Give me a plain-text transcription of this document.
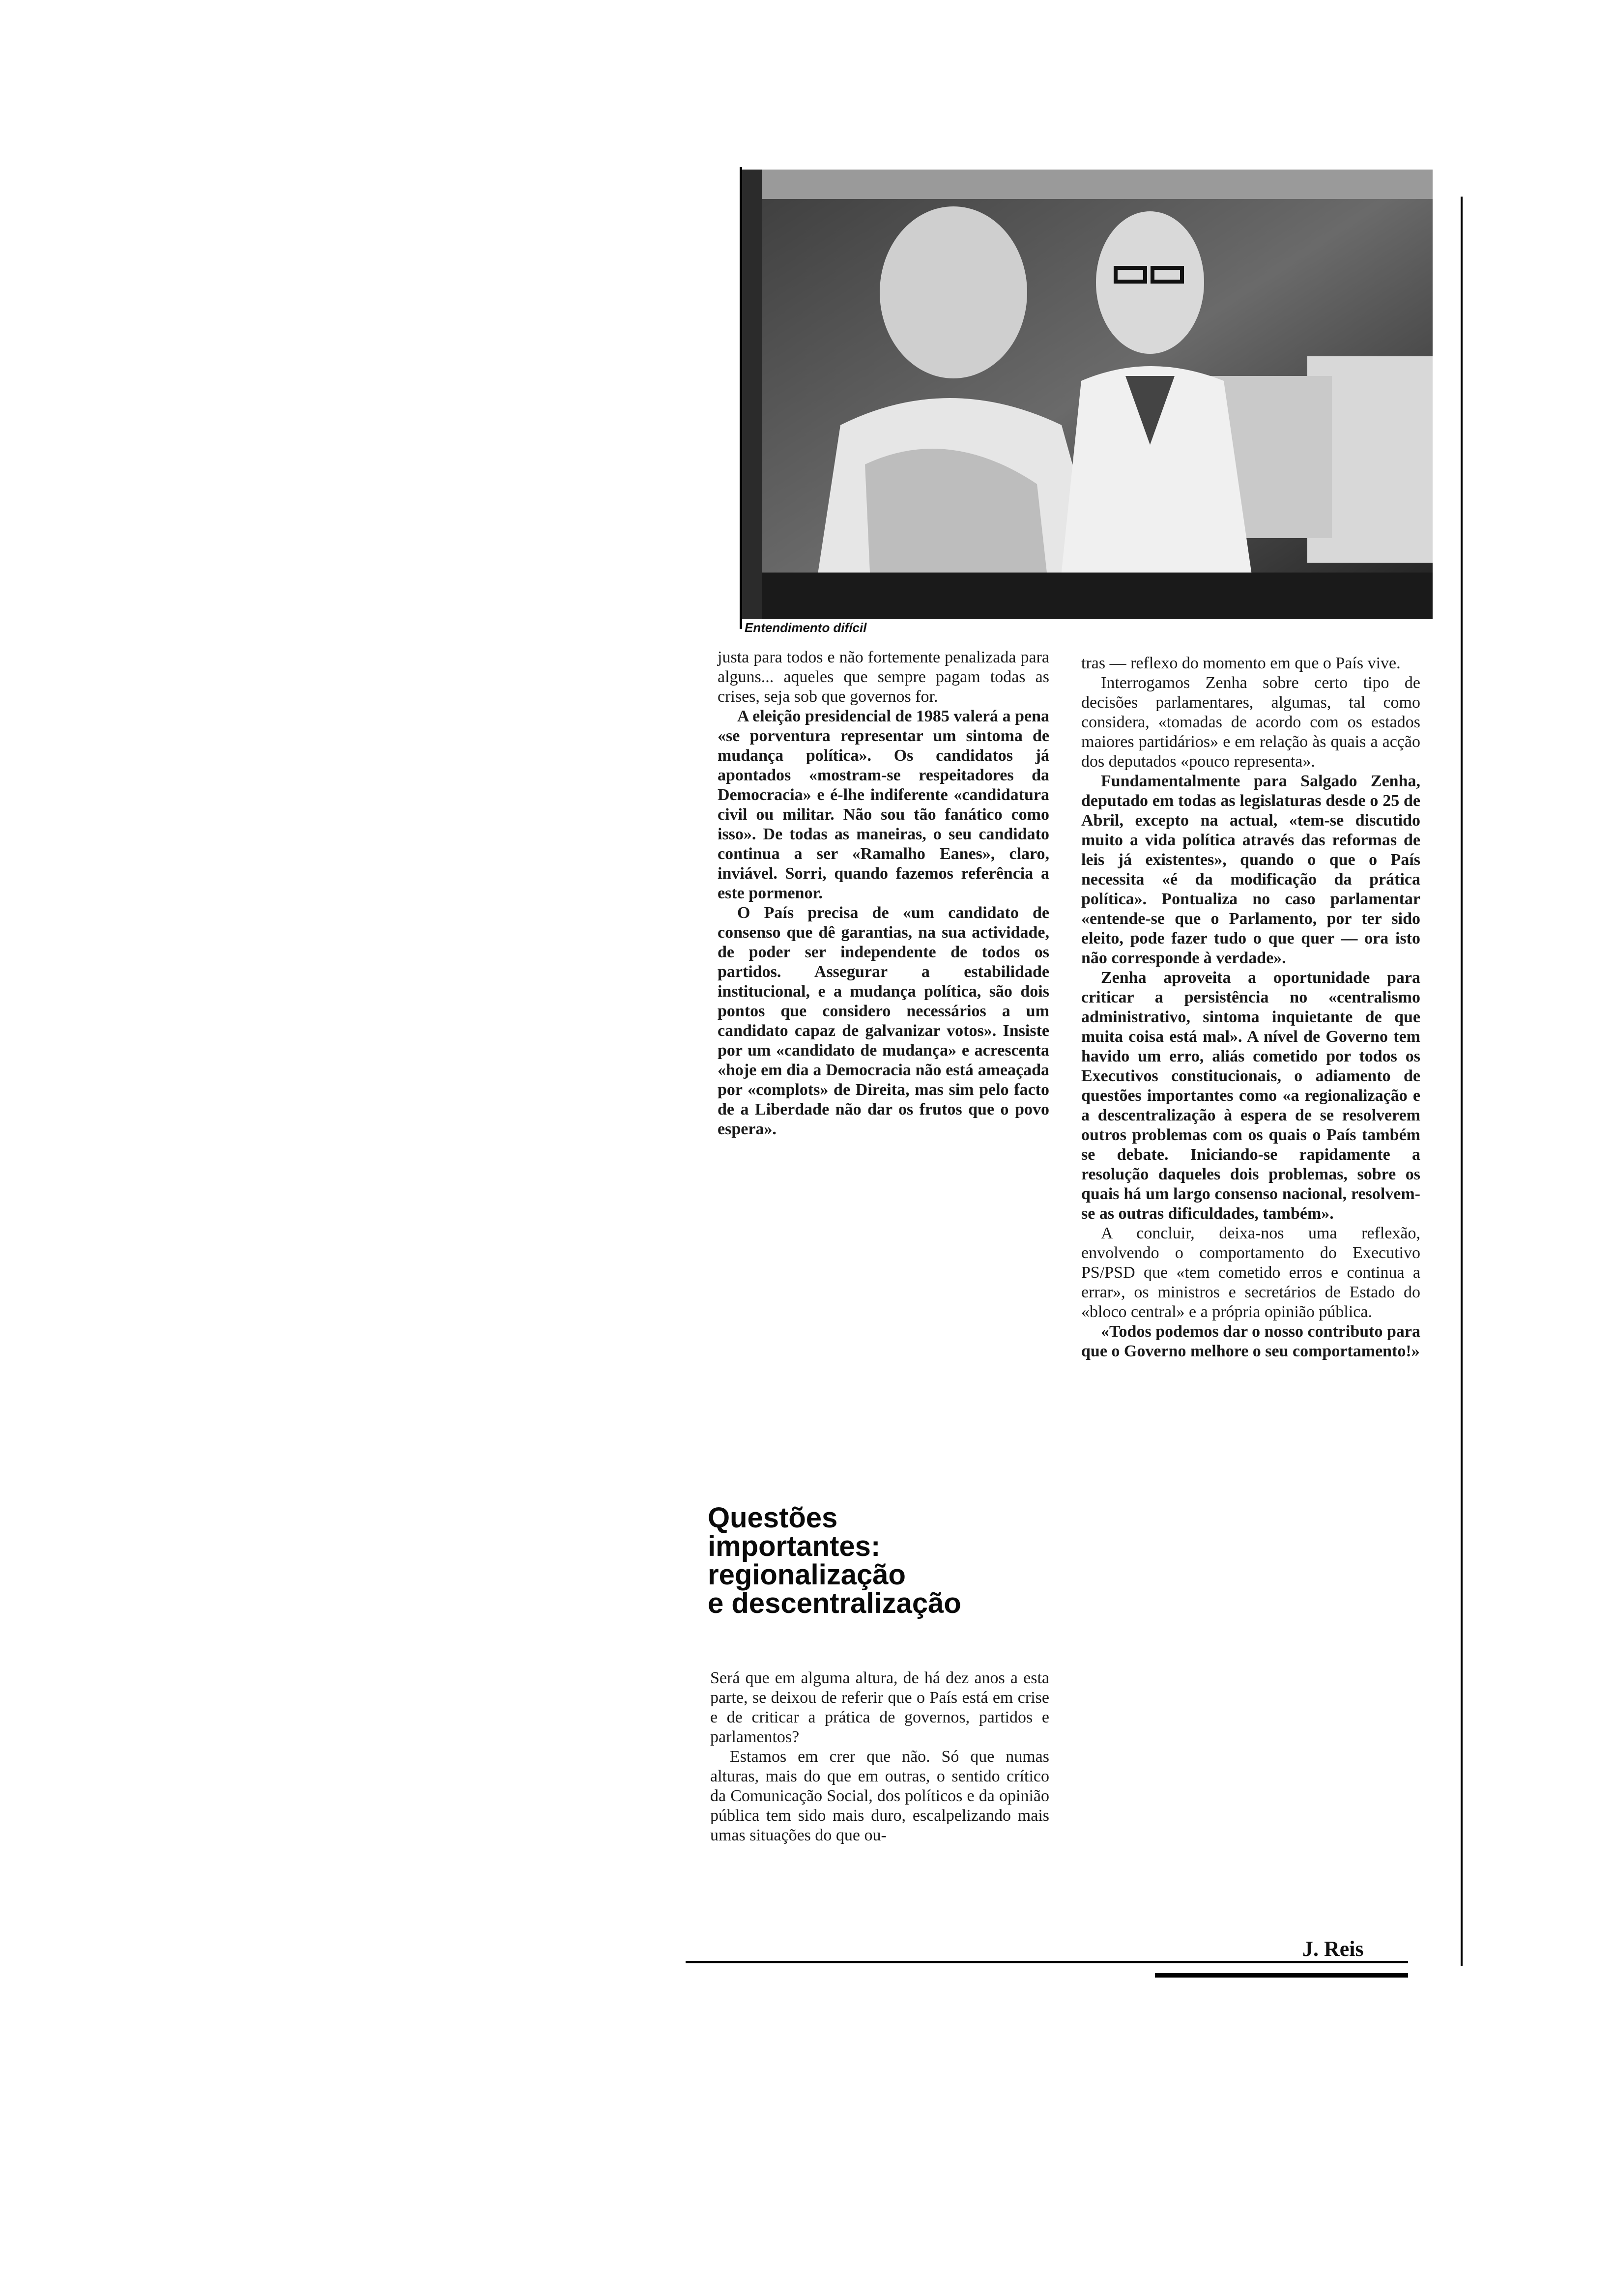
Entendimento difícil

justa para todos e não fortemente penalizada para alguns... aqueles que sempre pagam todas as crises, seja sob que governos for.

A eleição presidencial de 1985 valerá a pena «se porventura representar um sintoma de mudança política». Os candidatos já apontados «mostram-se respeitadores da Democracia» e é-lhe indiferente «candidatura civil ou militar. Não sou tão fanático como isso». De todas as maneiras, o seu candidato continua a ser «Ramalho Eanes», claro, inviável. Sorri, quando fazemos referência a este pormenor.

O País precisa de «um candidato de consenso que dê garantias, na sua actividade, de poder ser independente de todos os partidos. Assegurar a estabilidade institucional, e a mudança política, são dois pontos que considero necessários a um candidato capaz de galvanizar votos». Insiste por um «candidato de mudança» e acrescenta «hoje em dia a Democracia não está ameaçada por «complots» de Direita, mas sim pelo facto de a Liberdade não dar os frutos que o povo espera».

Questões
importantes:
regionalização
e descentralização

Será que em alguma altura, de há dez anos a esta parte, se deixou de referir que o País está em crise e de criticar a prática de governos, partidos e parlamentos?

Estamos em crer que não. Só que numas alturas, mais do que em outras, o sentido crítico da Comunicação Social, dos políticos e da opinião pública tem sido mais duro, escalpelizando mais umas situações do que ou-

tras — reflexo do momento em que o País vive.

Interrogamos Zenha sobre certo tipo de decisões parlamentares, algumas, tal como considera, «tomadas de acordo com os estados maiores partidários» e em relação às quais a acção dos deputados «pouco representa».

Fundamentalmente para Salgado Zenha, deputado em todas as legislaturas desde o 25 de Abril, excepto na actual, «tem-se discutido muito a vida política através das reformas de leis já existentes», quando o que o País necessita «é da modificação da prática política». Pontualiza no caso parlamentar «entende-se que o Parlamento, por ter sido eleito, pode fazer tudo o que quer — ora isto não corresponde à verdade».

Zenha aproveita a oportunidade para criticar a persistência no «centralismo administrativo, sintoma inquietante de que muita coisa está mal». A nível de Governo tem havido um erro, aliás cometido por todos os Executivos constitucionais, o adiamento de questões importantes como «a regionalização e a descentralização à espera de se resolverem outros problemas com os quais o País também se debate. Iniciando-se rapidamente a resolução daqueles dois problemas, sobre os quais há um largo consenso nacional, resolvem-se as outras dificuldades, também».

A concluir, deixa-nos uma reflexão, envolvendo o comportamento do Executivo PS/PSD que «tem cometido erros e continua a errar», os ministros e secretários de Estado do «bloco central» e a própria opinião pública.

«Todos podemos dar o nosso contributo para que o Governo melhore o seu comportamento!»

J. Reis
